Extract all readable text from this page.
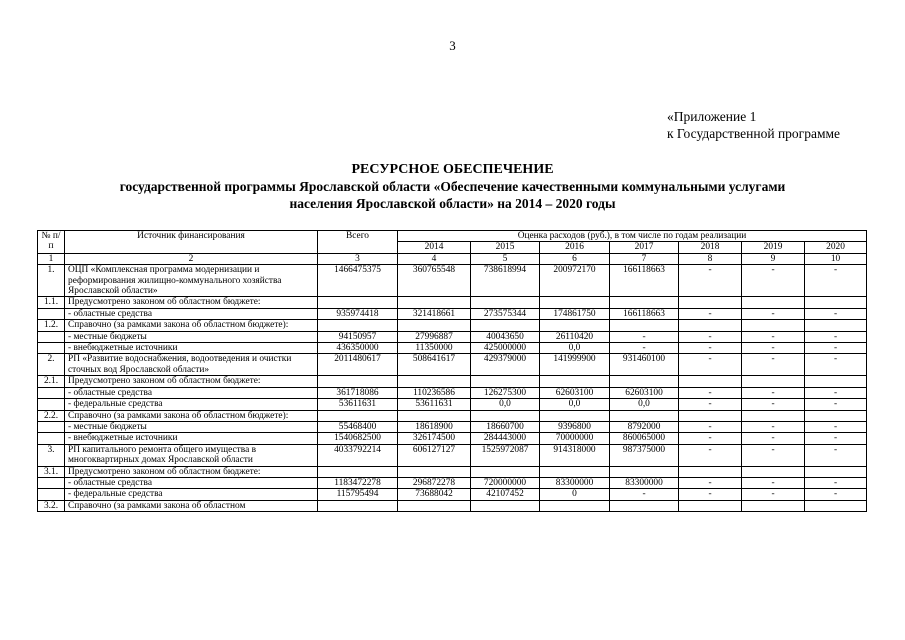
3
«Приложение 1
к Государственной программе
РЕСУРСНОЕ ОБЕСПЕЧЕНИЕ
государственной программы Ярославской области «Обеспечение качественными коммунальными услугами
населения Ярославской области» на 2014 – 2020 годы
№ п/п	Источник финансирования	Всего	Оценка расходов (руб.), в том числе по годам реализации						
			2014	2015	2016	2017	2018	2019	2020
1	2	3	4	5	6	7	8	9	10
1.	ОЦП «Комплексная программа модернизации и реформирования жилищно-коммунального хозяйства Ярославской области»	1466475375	360765548	738618994	200972170	166118663	-	-	-
1.1.	Предусмотрено законом об областном бюджете:								
	- областные средства	935974418	321418661	273575344	174861750	166118663	-	-	-
1.2.	Справочно (за рамками закона об областном бюджете):								
	- местные бюджеты	94150957	27996887	40043650	26110420	-	-	-	-
	- внебюджетные источники	436350000	11350000	425000000	0,0	-	-	-	-
2.	РП «Развитие водоснабжения, водоотведения и очистки сточных вод Ярославской области»	2011480617	508641617	429379000	141999900	931460100	-	-	-
2.1.	Предусмотрено законом об областном бюджете:								
	- областные средства	361718086	110236586	126275300	62603100	62603100	-	-	-
	- федеральные средства	53611631	53611631	0,0	0,0	0,0	-	-	-
2.2.	Справочно (за рамками закона об областном бюджете):								
	- местные бюджеты	55468400	18618900	18660700	9396800	8792000	-	-	-
	- внебюджетные источники	1540682500	326174500	284443000	70000000	860065000	-	-	-
3.	РП капитального ремонта общего имущества в многоквартирных домах Ярославской области	4033792214	606127127	1525972087	914318000	987375000	-	-	-
3.1.	Предусмотрено законом об областном бюджете:								
	- областные средства	1183472278	296872278	720000000	83300000	83300000	-	-	-
	- федеральные средства	115795494	73688042	42107452	0	-	-	-	-
3.2.	Справочно (за рамками закона об областном								
